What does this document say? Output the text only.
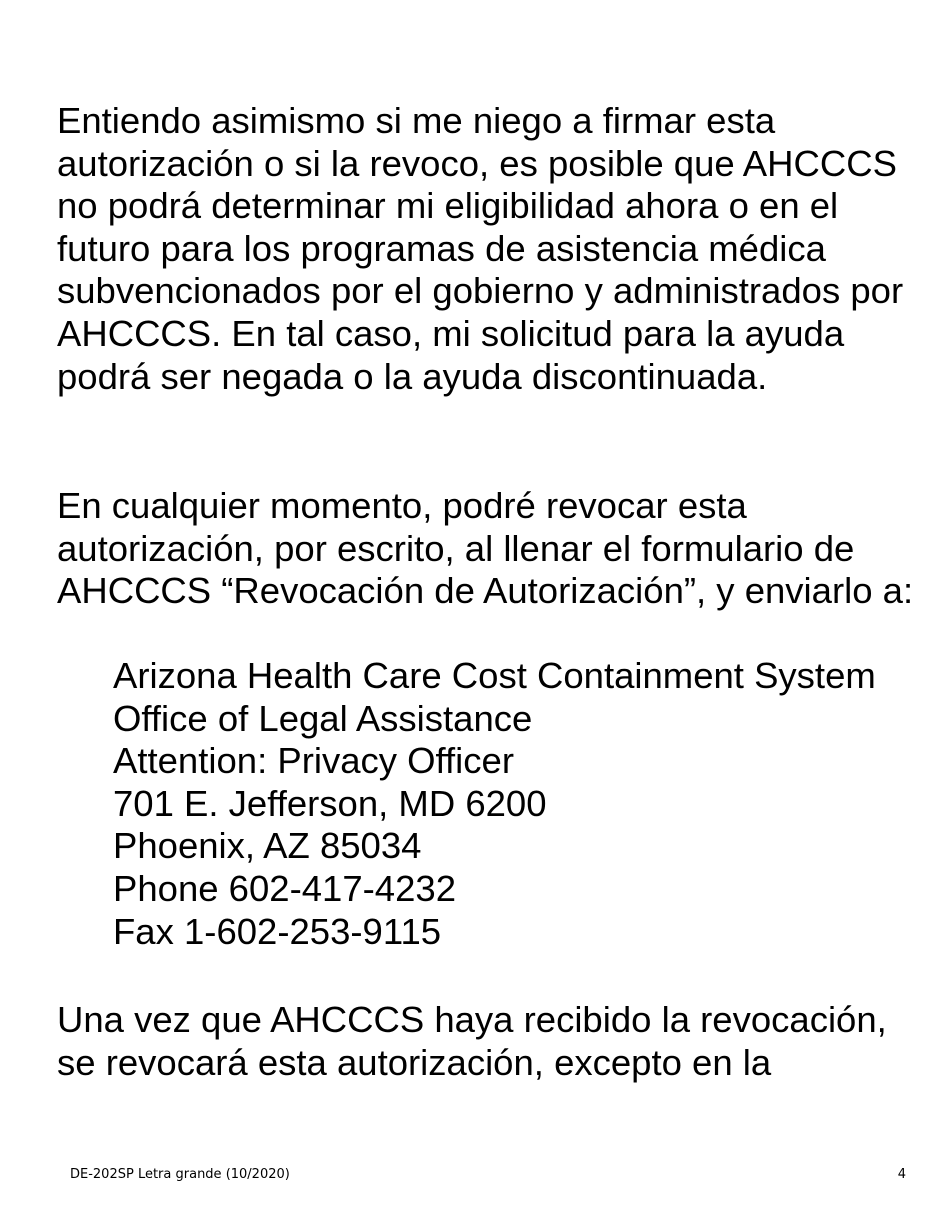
Entiendo asimismo si me niego a firmar esta autorización o si la revoco, es posible que AHCCCS no podrá determinar mi eligibilidad ahora o en el futuro para los programas de asistencia médica subvencionados por el gobierno y administrados por AHCCCS. En tal caso, mi solicitud para la ayuda podrá ser negada o la ayuda discontinuada.

En cualquier momento, podré revocar esta autorización, por escrito, al llenar el formulario de AHCCCS “Revocación de Autorización”, y enviarlo a:

Arizona Health Care Cost Containment System
Office of Legal Assistance
Attention: Privacy Officer
701 E. Jefferson, MD 6200
Phoenix, AZ 85034
Phone 602-417-4232
Fax 1-602-253-9115

Una vez que AHCCCS haya recibido la revocación, se revocará esta autorización, excepto en la

DE-202SP Letra grande (10/2020)	4
